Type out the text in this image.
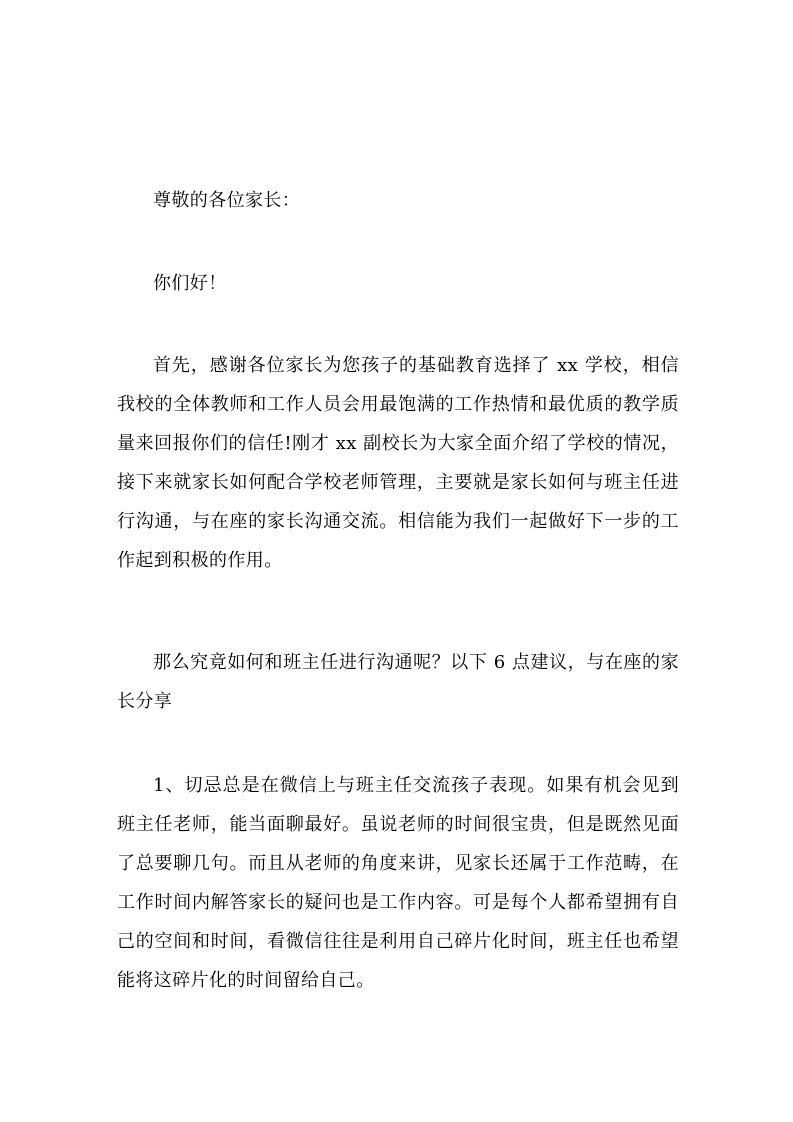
尊敬的各位家长：

你们好！

首先，感谢各位家长为您孩子的基础教育选择了 xx 学校，相信我校的全体教师和工作人员会用最饱满的工作热情和最优质的教学质量来回报你们的信任!刚才 xx 副校长为大家全面介绍了学校的情况，接下来就家长如何配合学校老师管理，主要就是家长如何与班主任进行沟通，与在座的家长沟通交流。相信能为我们一起做好下一步的工作起到积极的作用。

那么究竟如何和班主任进行沟通呢？以下 6 点建议，与在座的家长分享

1、切忌总是在微信上与班主任交流孩子表现。如果有机会见到班主任老师，能当面聊最好。虽说老师的时间很宝贵，但是既然见面了总要聊几句。而且从老师的角度来讲，见家长还属于工作范畴，在工作时间内解答家长的疑问也是工作内容。可是每个人都希望拥有自己的空间和时间，看微信往往是利用自己碎片化时间，班主任也希望能将这碎片化的时间留给自己。
